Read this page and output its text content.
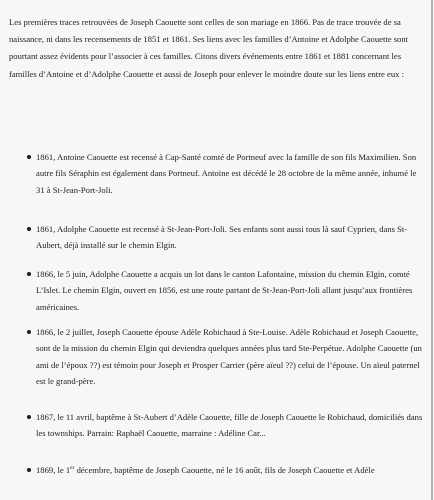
Les premières traces retrouvées de Joseph Caouette sont celles de son mariage en 1866. Pas de trace trouvée de sa naissance, ni dans les recensements de 1851 et 1861. Ses liens avec les familles d’Antoine et Adolphe Caouette sont pourtant assez évidents pour l’associer à ces familles. Citons divers événements entre 1861 et 1881 concernant les familles d’Antoine et d’Adolphe Caouette et aussi de Joseph pour enlever le moindre doute sur les liens entre eux :

1861, Antoine Caouette est recensé à Cap-Santé comté de Portneuf avec la famille de son fils Maximilien. Son autre fils Séraphin est également dans Portneuf. Antoine est décédé le 28 octobre de la même année, inhumé le 31 à St-Jean-Port-Joli.

1861, Adolphe Caouette est recensé à St-Jean-Port-Joli. Ses enfants sont aussi tous là sauf Cyprien, dans St-Aubert, déjà installé sur le chemin Elgin.

1866, le 5 juin, Adolphe Caouette a acquis un lot dans le canton Lafontaine, mission du chemin Elgin, comté L’Islet. Le chemin Elgin, ouvert en 1856, est une route partant de St-Jean-Port-Joli allant jusqu’aux frontières américaines.

1866, le 2 juillet, Joseph Caouette épouse Adèle Robichaud à Ste-Louise. Adèle Robichaud et Joseph Caouette, sont de la mission du chemin Elgin qui deviendra quelques années plus tard Ste-Perpétue. Adolphe Caouette (un ami de l’époux ??) est témoin pour Joseph et Prosper Carrier (père aïeul ??) celui de l’épouse. Un aïeul paternel est le grand-père.

1867, le 11 avril, baptême à St-Aubert d’Adèle Caouette, fille de Joseph Caouette le Robichaud, domiciliés dans les townships. Parrain: Raphaël Caouette, marraine : Adéline Car...

1869, le 1er décembre, baptême de Joseph Caouette, né le 16 août, fils de Joseph Caouette et Adèle
